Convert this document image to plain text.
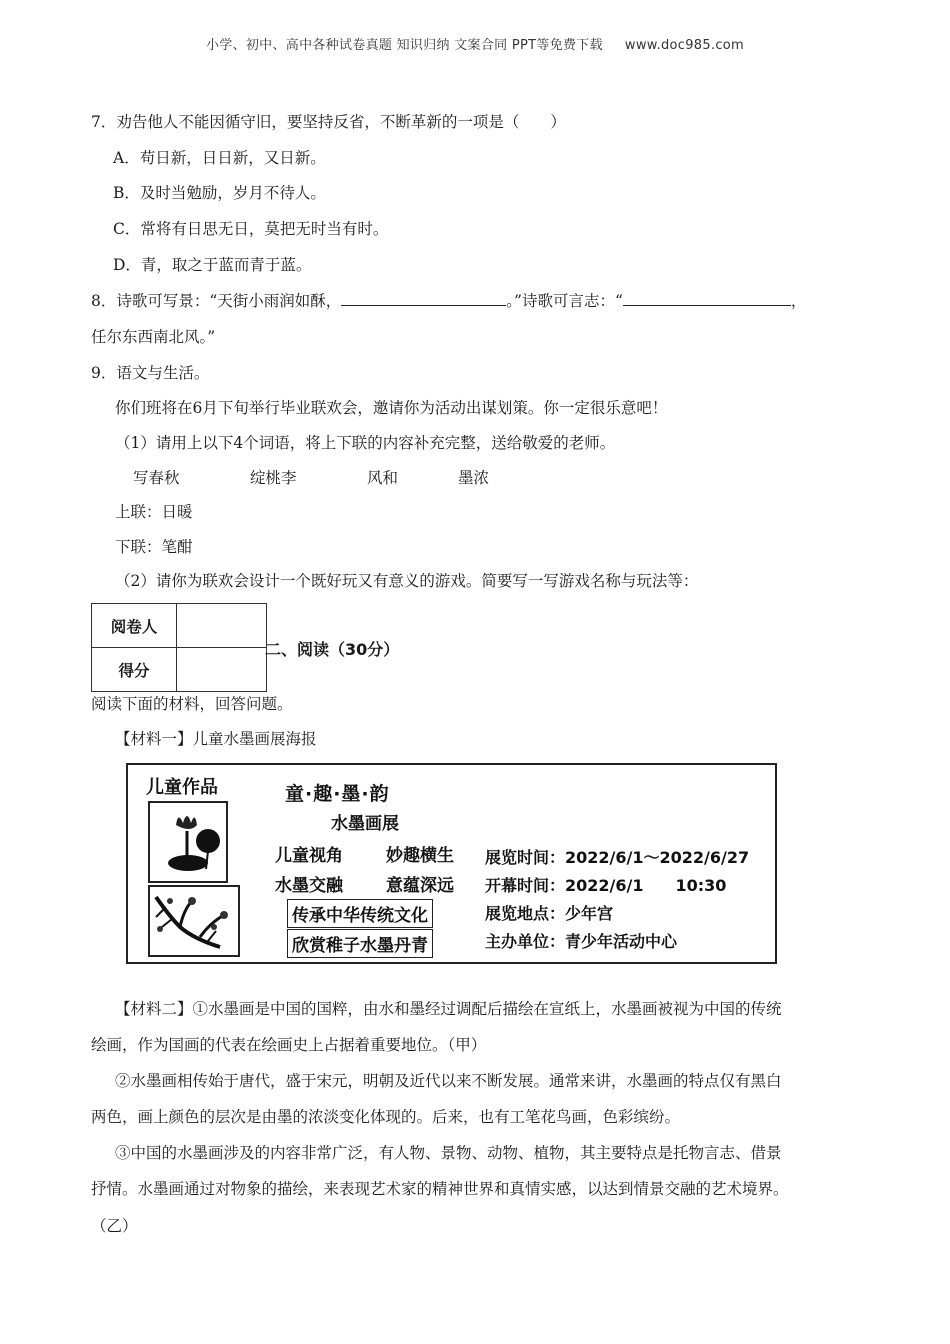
小学、初中、高中各种试卷真题 知识归纳 文案合同 PPT等免费下载 www.doc985.com
7．劝告他人不能因循守旧，要坚持反省，不断革新的一项是（　　）
A．苟日新，日日新，又日新。
B．及时当勉励，岁月不待人。
C．常将有日思无日，莫把无时当有时。
D．青，取之于蓝而青于蓝。
8．诗歌可写景：“天街小雨润如酥，	。”诗歌可言志：“	，
任尔东西南北风。”
9．语文与生活。
你们班将在6月下旬举行毕业联欢会，邀请你为活动出谋划策。你一定很乐意吧！
（1）请用上以下4个词语，将上下联的内容补充完整，送给敬爱的老师。
写春秋	绽桃李	风和	墨浓
上联：日暖
下联：笔酣
（2）请你为联欢会设计一个既好玩又有意义的游戏。简要写一写游戏名称与玩法等：
阅卷人	
得分	
二、阅读（30分）
阅读下面的材料，回答问题。
【材料一】儿童水墨画展海报
儿童作品	童·趣·墨·韵
水墨画展
儿童视角	妙趣横生
水墨交融	意蕴深远
传承中华传统文化
欣赏稚子水墨丹青
展览时间：2022/6/1～2022/6/27
开幕时间：2022/6/1　　10:30
展览地点：少年宫
主办单位：青少年活动中心
【材料二】①水墨画是中国的国粹，由水和墨经过调配后描绘在宣纸上，水墨画被视为中国的传统
绘画，作为国画的代表在绘画史上占据着重要地位。（甲）
②水墨画相传始于唐代，盛于宋元，明朝及近代以来不断发展。通常来讲，水墨画的特点仅有黑白
两色，画上颜色的层次是由墨的浓淡变化体现的。后来，也有工笔花鸟画，色彩缤纷。
③中国的水墨画涉及的内容非常广泛，有人物、景物、动物、植物，其主要特点是托物言志、借景
抒情。水墨画通过对物象的描绘，来表现艺术家的精神世界和真情实感，以达到情景交融的艺术境界。
（乙）
